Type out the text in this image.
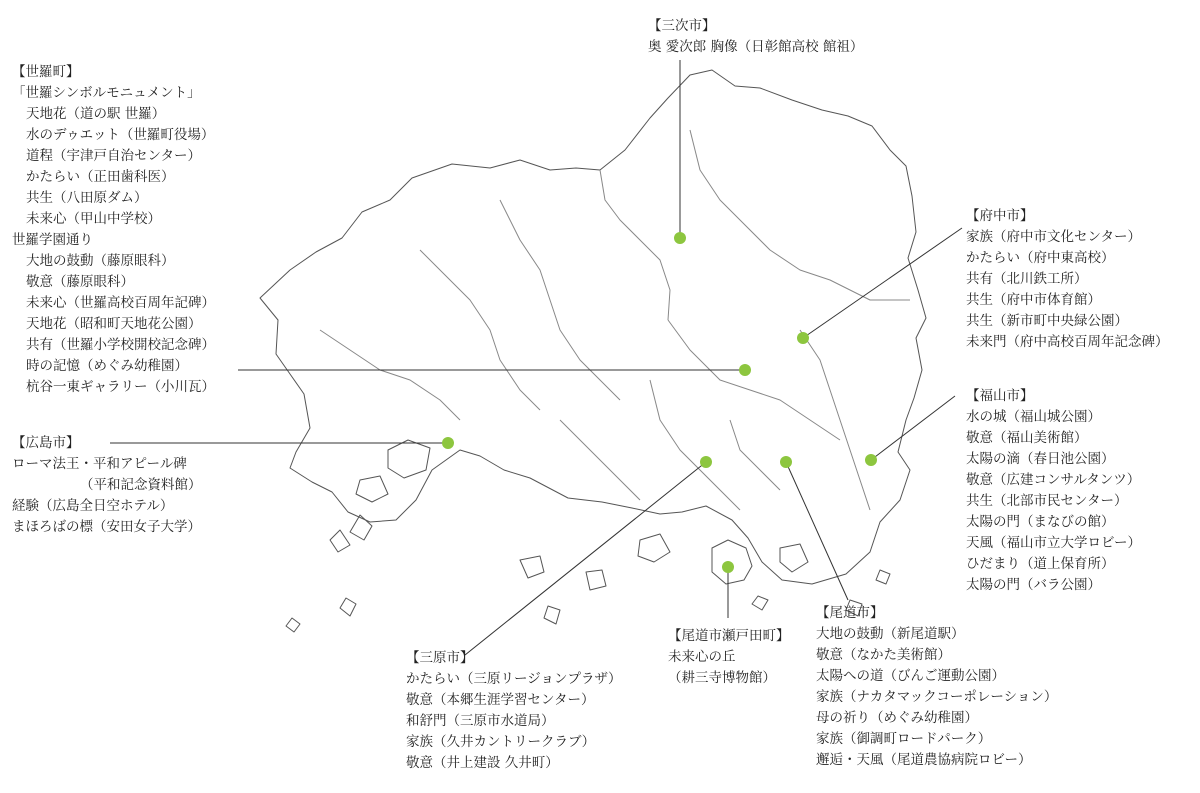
【世羅町】
「世羅シンボルモニュメント」
天地花（道の駅 世羅）
水のデゥエット（世羅町役場）
道程（宇津戸自治センター）
かたらい（正田歯科医）
共生（八田原ダム）
未来心（甲山中学校）
世羅学園通り
大地の鼓動（藤原眼科）
敬意（藤原眼科）
未来心（世羅高校百周年記碑）
天地花（昭和町天地花公園）
共有（世羅小学校開校記念碑）
時の記憶（めぐみ幼稚園）
杭谷一東ギャラリー（小川瓦）
【広島市】
ローマ法王・平和アピール碑
（平和記念資料館）
経験（広島全日空ホテル）
まほろばの標（安田女子大学）
【三次市】
奥 愛次郎 胸像（日彰館高校 館祖）
【府中市】
家族（府中市文化センター）
かたらい（府中東高校）
共有（北川鉄工所）
共生（府中市体育館）
共生（新市町中央緑公園）
未来門（府中高校百周年記念碑）
【福山市】
水の城（福山城公園）
敬意（福山美術館）
太陽の滴（春日池公園）
敬意（広建コンサルタンツ）
共生（北部市民センター）
太陽の門（まなびの館）
天風（福山市立大学ロビー）
ひだまり（道上保育所）
太陽の門（バラ公園）
【尾道市】
大地の鼓動（新尾道駅）
敬意（なかた美術館）
太陽への道（びんご運動公園）
家族（ナカタマックコーポレーション）
母の祈り（めぐみ幼稚園）
家族（御調町ロードパーク）
邂逅・天風（尾道農協病院ロビー）
【尾道市瀬戸田町】
未来心の丘
（耕三寺博物館）
【三原市】
かたらい（三原リージョンプラザ）
敬意（本郷生涯学習センター）
和舒門（三原市水道局）
家族（久井カントリークラブ）
敬意（井上建設 久井町）
